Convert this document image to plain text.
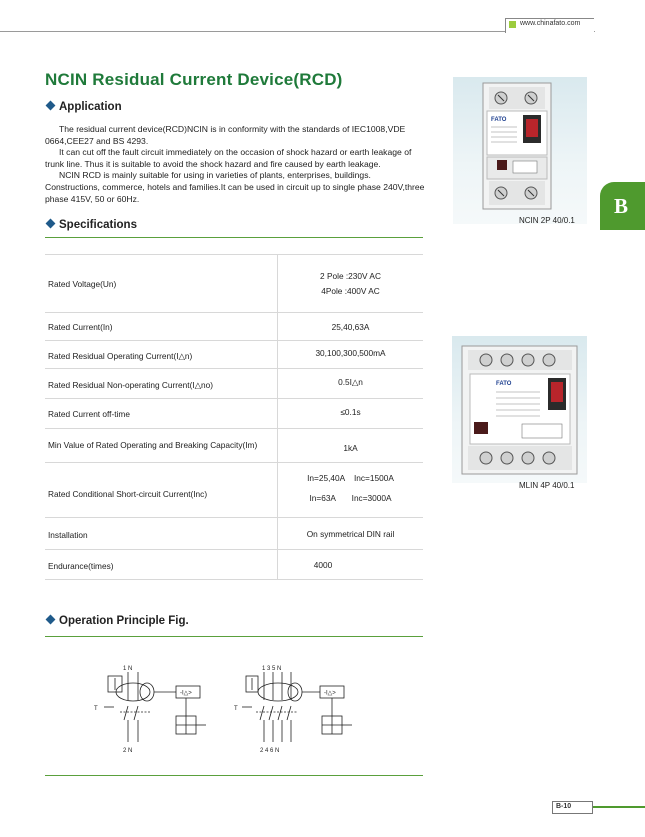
www.chinafato.com
B
NCIN Residual Current Device(RCD)
Application

The residual current device(RCD)NCIN is in conformity with the standards of IEC1008,VDE 0664,CEE27 and BS 4293.

It can cut off the fault circuit immediately on the occasion of shock hazard or earth leakage of trunk line. Thus it is suitable to avoid the shock hazard and fire caused by earth leakage.

NCIN RCD is mainly suitable for using in varieties of plants, enterprises, buildings. Constructions, commerce, hotels and families.It can be used in circuit up to single phase 240V,three phase 415V, 50 or 60Hz.

Specifications
Rated Voltage(Un)
2 Pole :230V AC
4Pole :400V AC
Rated Current(In)	25,40,63A
Rated Residual Operating Current(I△n)	30,100,300,500mA
Rated Residual Non-operating Current(I△no)	0.5I△n
Rated Current off-time	≤0.1s
Min Value of Rated Operating and Breaking Capacity(Im)	1kA
Rated Conditional Short-circuit Current(Inc)
In=25,40A    Inc=1500A
In=63A       Inc=3000A
Installation	On symmetrical DIN rail
Endurance(times)	4000
FATO
NCIN 2P 40/0.1
FATO
MLIN 4P 40/0.1
Operation Principle Fig.
1 N
-I△>
T
2 N
1 3 5 N
-I△>
T
2 4 6 N
B-10
